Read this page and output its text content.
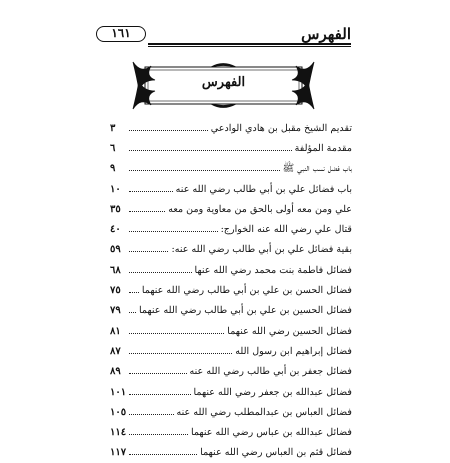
١٦١	الفهرس
الفهرس
تقديم الشيخ مقبل بن هادي الوادعي
٣
مقدمة المؤلفة
٦
باب فضل نسب النبي ﷺ
٩
باب فضائل علي بن أبي طالب رضي الله عنه
١٠
علي ومن معه أولى بالحق من معاوية ومن معه
٣٥
قتال علي رضي الله عنه الخوارج:
٤٠
بقية فضائل علي بن أبي طالب رضي الله عنه:
٥٩
فضائل فاطمة بنت محمد رضي الله عنها
٦٨
فضائل الحسن بن علي بن أبي طالب رضي الله عنهما
٧٥
فضائل الحسين بن علي بن أبي طالب رضي الله عنهما
٧٩
فضائل الحسين رضي الله عنهما
٨١
فضائل إبراهيم ابن رسول الله
٨٧
فضائل جعفر بن أبي طالب رضي الله عنه
٨٩
فضائل عبدالله بن جعفر رضي الله عنهما
١٠١
فضائل العباس بن عبدالمطلب رضي الله عنه
١٠٥
فضائل عبدالله بن عباس رضي الله عنهما
١١٤
فضائل قثم بن العباس رضي الله عنهما
١١٧
